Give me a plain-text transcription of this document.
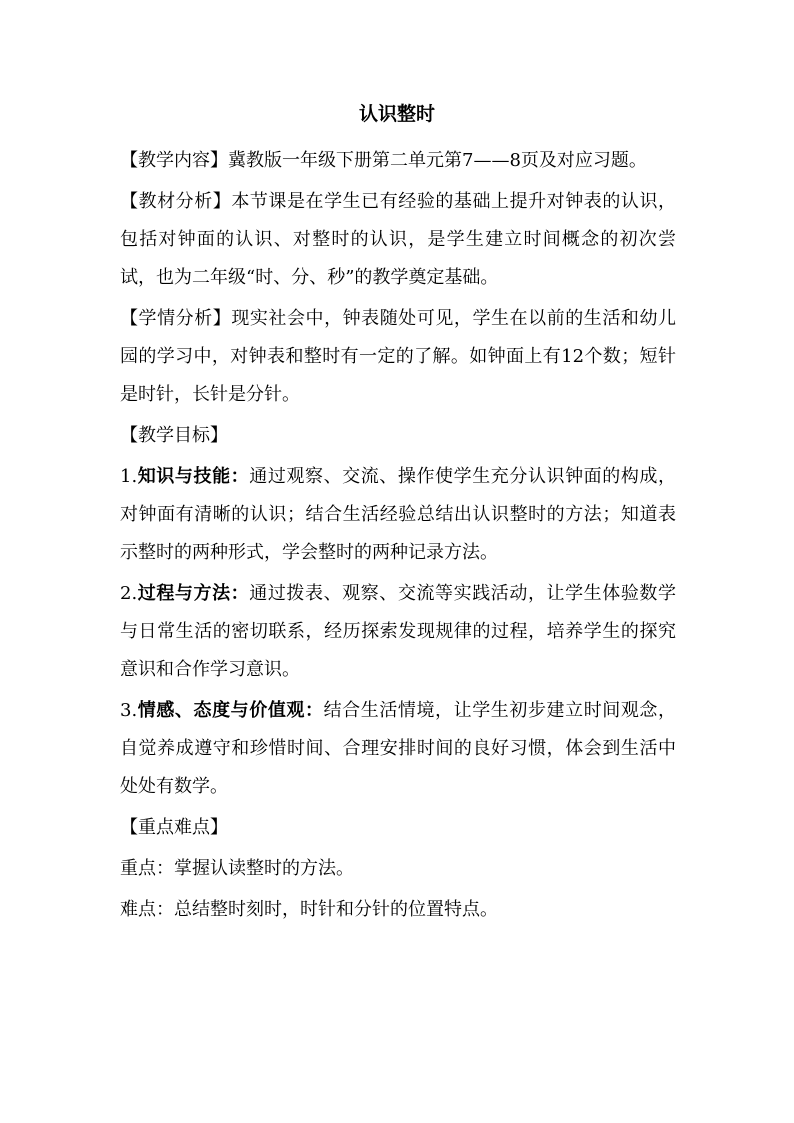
认识整时

【教学内容】冀教版一年级下册第二单元第7——8页及对应习题。

【教材分析】本节课是在学生已有经验的基础上提升对钟表的认识，包括对钟面的认识、对整时的认识，是学生建立时间概念的初次尝试，也为二年级“时、分、秒”的教学奠定基础。

【学情分析】现实社会中，钟表随处可见，学生在以前的生活和幼儿园的学习中，对钟表和整时有一定的了解。如钟面上有12个数；短针是时针，长针是分针。

【教学目标】

1.知识与技能：通过观察、交流、操作使学生充分认识钟面的构成，对钟面有清晰的认识；结合生活经验总结出认识整时的方法；知道表示整时的两种形式，学会整时的两种记录方法。

2.过程与方法：通过拨表、观察、交流等实践活动，让学生体验数学与日常生活的密切联系，经历探索发现规律的过程，培养学生的探究意识和合作学习意识。

3.情感、态度与价值观：结合生活情境，让学生初步建立时间观念，自觉养成遵守和珍惜时间、合理安排时间的良好习惯，体会到生活中处处有数学。

【重点难点】

重点：掌握认读整时的方法。

难点：总结整时刻时，时针和分针的位置特点。
